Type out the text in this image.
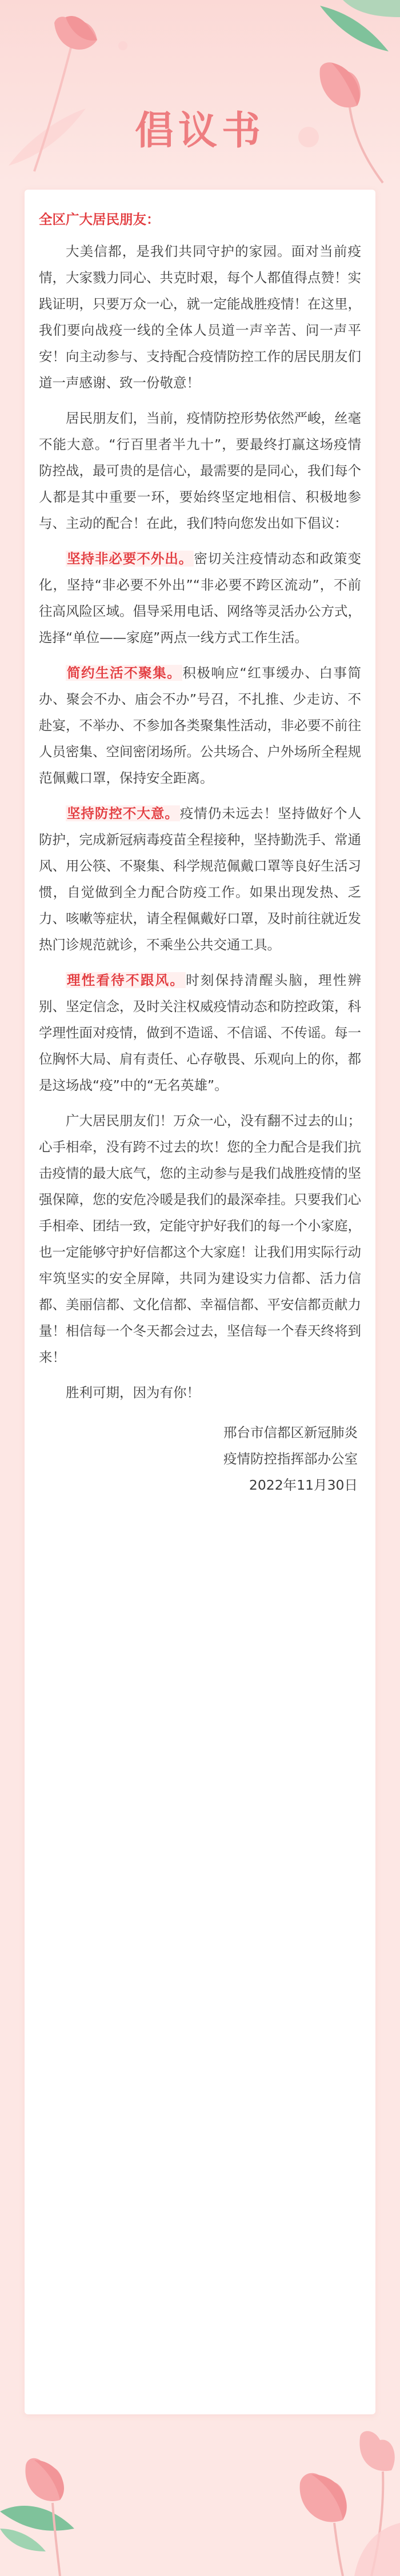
倡议书

全区广大居民朋友：

大美信都，是我们共同守护的家园。面对当前疫情，大家戮力同心、共克时艰，每个人都值得点赞！实践证明，只要万众一心，就一定能战胜疫情！在这里，我们要向战疫一线的全体人员道一声辛苦、问一声平安！向主动参与、支持配合疫情防控工作的居民朋友们道一声感谢、致一份敬意！

居民朋友们，当前，疫情防控形势依然严峻，丝毫不能大意。“行百里者半九十”，要最终打赢这场疫情防控战，最可贵的是信心，最需要的是同心，我们每个人都是其中重要一环，要始终坚定地相信、积极地参与、主动的配合！在此，我们特向您发出如下倡议：

坚持非必要不外出。密切关注疫情动态和政策变化，坚持“非必要不外出”“非必要不跨区流动”，不前往高风险区域。倡导采用电话、网络等灵活办公方式，选择“单位——家庭”两点一线方式工作生活。

简约生活不聚集。积极响应“红事缓办、白事简办、聚会不办、庙会不办”号召，不扎推、少走访、不赴宴，不举办、不参加各类聚集性活动，非必要不前往人员密集、空间密闭场所。公共场合、户外场所全程规范佩戴口罩，保持安全距离。

坚持防控不大意。疫情仍未远去！坚持做好个人防护，完成新冠病毒疫苗全程接种，坚持勤洗手、常通风、用公筷、不聚集、科学规范佩戴口罩等良好生活习惯，自觉做到全力配合防疫工作。如果出现发热、乏力、咳嗽等症状，请全程佩戴好口罩，及时前往就近发热门诊规范就诊，不乘坐公共交通工具。

理性看待不跟风。时刻保持清醒头脑，理性辨别、坚定信念，及时关注权威疫情动态和防控政策，科学理性面对疫情，做到不造谣、不信谣、不传谣。每一位胸怀大局、肩有责任、心存敬畏、乐观向上的你，都是这场战“疫”中的“无名英雄”。

广大居民朋友们！万众一心，没有翻不过去的山；心手相牵，没有跨不过去的坎！您的全力配合是我们抗击疫情的最大底气，您的主动参与是我们战胜疫情的坚强保障，您的安危冷暖是我们的最深牵挂。只要我们心手相牵、团结一致，定能守护好我们的每一个小家庭，也一定能够守护好信都这个大家庭！让我们用实际行动牢筑坚实的安全屏障，共同为建设实力信都、活力信都、美丽信都、文化信都、幸福信都、平安信都贡献力量！相信每一个冬天都会过去，坚信每一个春天终将到来！

胜利可期，因为有你！

邢台市信都区新冠肺炎
疫情防控指挥部办公室
2022年11月30日
